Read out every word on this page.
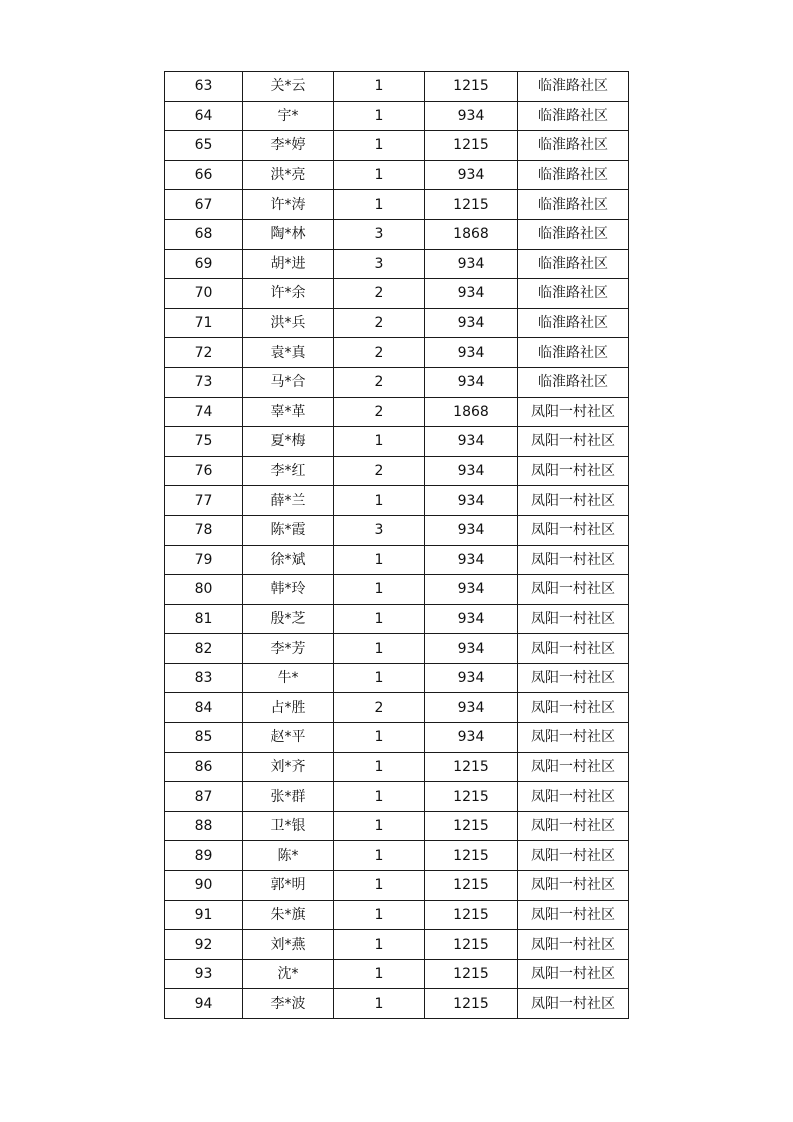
63	关*云	1	1215	临淮路社区
64	宇*	1	934	临淮路社区
65	李*婷	1	1215	临淮路社区
66	洪*亮	1	934	临淮路社区
67	许*涛	1	1215	临淮路社区
68	陶*林	3	1868	临淮路社区
69	胡*进	3	934	临淮路社区
70	许*余	2	934	临淮路社区
71	洪*兵	2	934	临淮路社区
72	袁*真	2	934	临淮路社区
73	马*合	2	934	临淮路社区
74	辜*革	2	1868	凤阳一村社区
75	夏*梅	1	934	凤阳一村社区
76	李*红	2	934	凤阳一村社区
77	薛*兰	1	934	凤阳一村社区
78	陈*霞	3	934	凤阳一村社区
79	徐*斌	1	934	凤阳一村社区
80	韩*玲	1	934	凤阳一村社区
81	殷*芝	1	934	凤阳一村社区
82	李*芳	1	934	凤阳一村社区
83	牛*	1	934	凤阳一村社区
84	占*胜	2	934	凤阳一村社区
85	赵*平	1	934	凤阳一村社区
86	刘*齐	1	1215	凤阳一村社区
87	张*群	1	1215	凤阳一村社区
88	卫*银	1	1215	凤阳一村社区
89	陈*	1	1215	凤阳一村社区
90	郭*明	1	1215	凤阳一村社区
91	朱*旗	1	1215	凤阳一村社区
92	刘*燕	1	1215	凤阳一村社区
93	沈*	1	1215	凤阳一村社区
94	李*波	1	1215	凤阳一村社区
